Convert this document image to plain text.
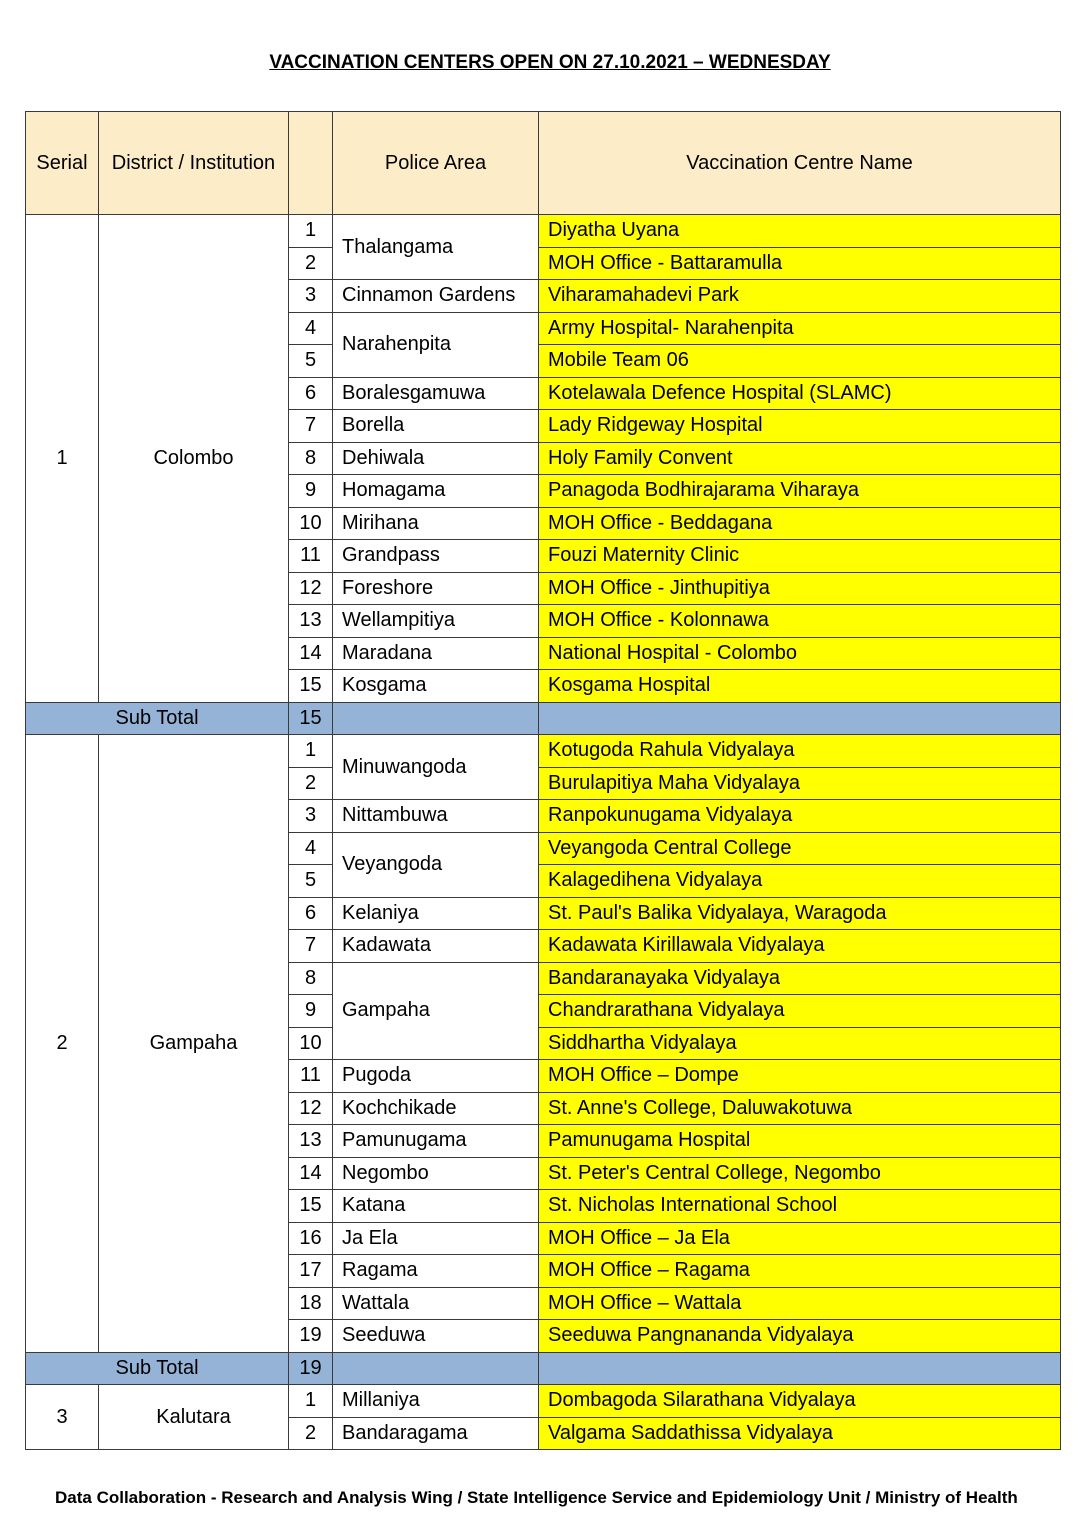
VACCINATION CENTERS OPEN ON 27.10.2021 – WEDNESDAY
Serial	District / Institution		Police Area	Vaccination Centre Name
1	Colombo	1	Thalangama	Diyatha Uyana
		2		MOH Office - Battaramulla
		3	Cinnamon Gardens	Viharamahadevi Park
		4	Narahenpita	Army Hospital- Narahenpita
		5		Mobile Team 06
		6	Boralesgamuwa	Kotelawala Defence Hospital (SLAMC)
		7	Borella	Lady Ridgeway Hospital
		8	Dehiwala	Holy Family Convent
		9	Homagama	Panagoda Bodhirajarama Viharaya
		10	Mirihana	MOH Office - Beddagana
		11	Grandpass	Fouzi Maternity Clinic
		12	Foreshore	MOH Office - Jinthupitiya
		13	Wellampitiya	MOH Office - Kolonnawa
		14	Maradana	National Hospital - Colombo
		15	Kosgama	Kosgama Hospital
Sub Total		15		
2	Gampaha	1	Minuwangoda	Kotugoda Rahula Vidyalaya
		2		Burulapitiya Maha Vidyalaya
		3	Nittambuwa	Ranpokunugama Vidyalaya
		4	Veyangoda	Veyangoda Central College
		5		Kalagedihena Vidyalaya
		6	Kelaniya	St. Paul's Balika Vidyalaya, Waragoda
		7	Kadawata	Kadawata Kirillawala Vidyalaya
		8	Gampaha	Bandaranayaka Vidyalaya
		9		Chandrarathana Vidyalaya
		10		Siddhartha Vidyalaya
		11	Pugoda	MOH Office – Dompe
		12	Kochchikade	St. Anne's College, Daluwakotuwa
		13	Pamunugama	Pamunugama Hospital
		14	Negombo	St. Peter's Central College, Negombo
		15	Katana	St. Nicholas International School
		16	Ja Ela	MOH Office – Ja Ela
		17	Ragama	MOH Office – Ragama
		18	Wattala	MOH Office – Wattala
		19	Seeduwa	Seeduwa Pangnananda Vidyalaya
Sub Total		19		
3	Kalutara	1	Millaniya	Dombagoda Silarathana Vidyalaya
		2	Bandaragama	Valgama Saddathissa Vidyalaya
Data Collaboration - Research and Analysis Wing / State Intelligence Service and Epidemiology Unit / Ministry of Health
